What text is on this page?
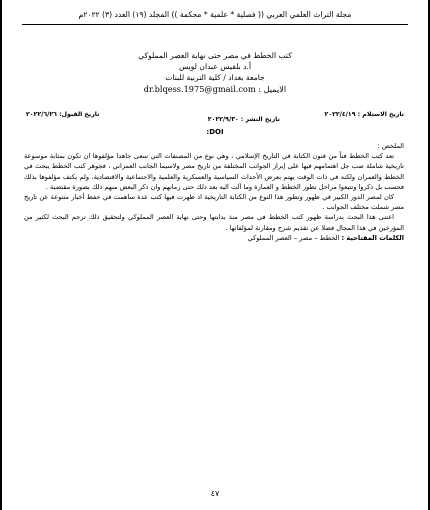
مجلة التراث العلمي العربي (( فصلية * علمية * محكمة )) المجلد (١٩) العدد (٣) ٢٠٢٢م
كتب الخطط في مصر حتى نهاية العصر المملوكي
أ.د بلقيس عبدان لويس
جامعة بغداد / كلية التربية للبنات
الايميل : dr.blqess.1975@gmail.com
تاريخ الاستلام : ٢٠٢٢/٤/١٩
تاريخ النشر : ٢٠٢٢/٩/٣٠
تاريخ القبول: ٢٠٢٢/٦/٢٦
DOI:

الملخص :

تعد كتب الخطط فناً من فنون الكتابة في التاريخ الإسلامي ، وهي نوع من المصنفات التي سعى جاهدا مؤلفوها ان تكون بمثابة موسوعة تاريخية شاملة صب جل اهتمامهم فيها على إبراز الجوانب المختلفة من تاريخ مصر ولاسيما الجانب العمراني ، فجوهر كتب الخطط يبحث في الخطط والعمران ولكنه في ذات الوقت يهتم بعرض الأحداث السياسية والعسكرية والعلمية والاجتماعية والاقتصادية. ولم يكتف مؤلفوها بذلك فحسب بل ذكروا وتتبعوا مراحل تطور الخطط و العمارة وما آلت اليه بعد ذلك حتى زمانهم وان ذكر البعض منهم ذلك بصورة مقتضبة .

كان لمصر الدور الكبير في ظهور وتطور هذا النوع من الكتابة التاريخية اذ ظهرت فيها كتب عدة ساهمت في حفظ أخبار متنوعة عن تاريخ مصر شملت مختلف الجوانب .

اعتنى هذا البحث بدراسة ظهور كتب الخطط في مصر منذ بدايتها وحتى نهاية العصر المملوكي ولتحقيق ذلك ترجم البحث لكثير من المؤرخين في هذا المجال فضلا عن تقديم شرح ومقارنة لمؤلفاتها .

الكلمات المفتاحية : الخطط – مصر – العصر المملوكي

٤٧
